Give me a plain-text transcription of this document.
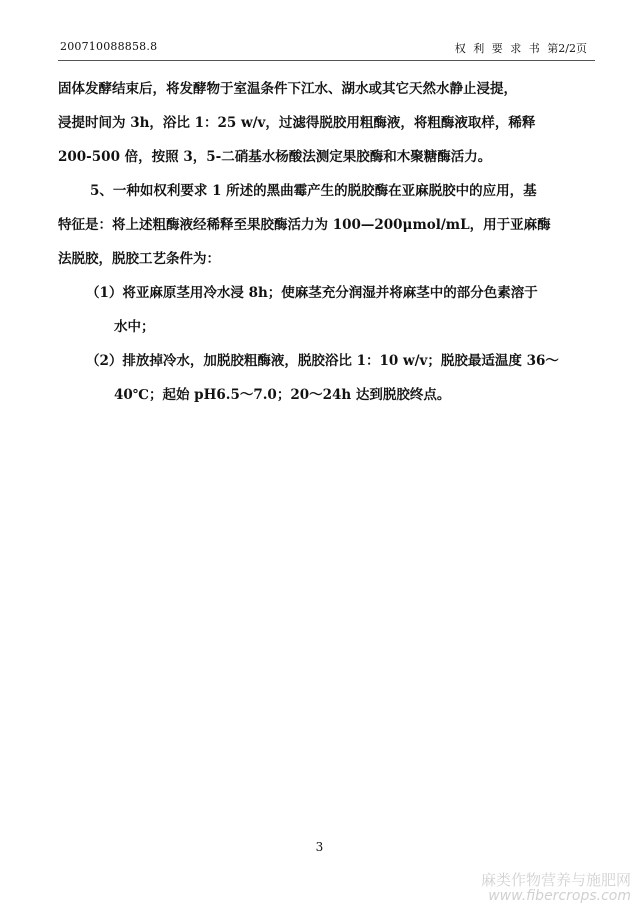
200710088858.8	权 利 要 求 书 第2/2页
固体发酵结束后，将发酵物于室温条件下江水、湖水或其它天然水静止浸提，
浸提时间为 3h，浴比 1：25 w/v，过滤得脱胶用粗酶液，将粗酶液取样，稀释
200-500 倍，按照 3，5-二硝基水杨酸法测定果胶酶和木聚糖酶活力。
5、一种如权利要求 1 所述的黑曲霉产生的脱胶酶在亚麻脱胶中的应用，基
特征是：将上述粗酶液经稀释至果胶酶活力为 100—200μmol/mL，用于亚麻酶
法脱胶，脱胶工艺条件为：
（1）将亚麻原茎用冷水浸 8h；使麻茎充分润湿并将麻茎中的部分色素溶于
水中；
（2）排放掉冷水，加脱胶粗酶液，脱胶浴比 1：10 w/v；脱胶最适温度 36～
40℃；起始 pH6.5～7.0；20～24h 达到脱胶终点。
3
麻类作物营养与施肥网
www.fibercrops.com
